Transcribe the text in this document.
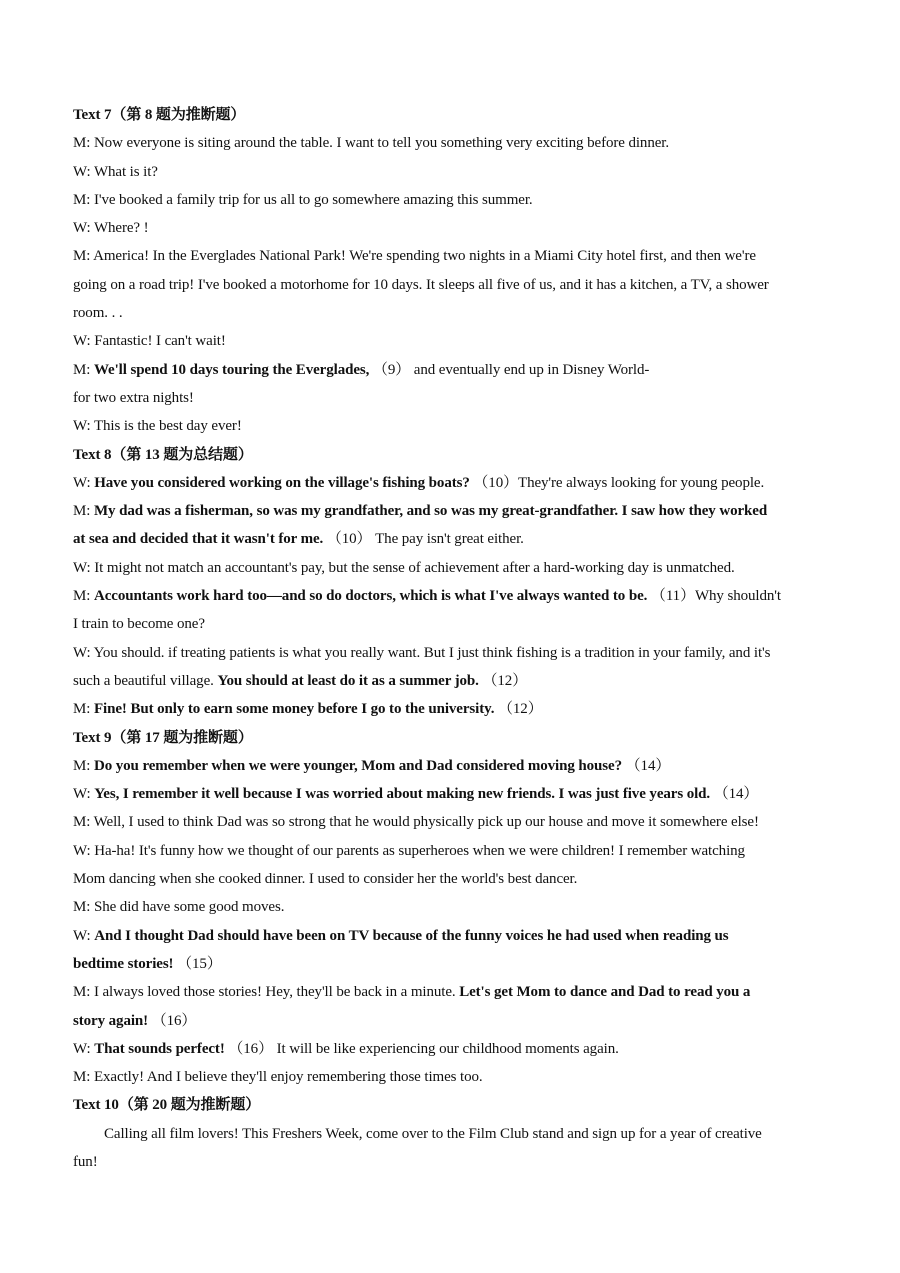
Text 7（第 8 题为推断题）
M: Now everyone is siting around the table. I want to tell you something very exciting before dinner.
W: What is it?
M: I've booked a family trip for us all to go somewhere amazing this summer.
W: Where? !
M: America! In the Everglades National Park! We're spending two nights in a Miami City hotel first, and then we're
going on a road trip! I've booked a motorhome for 10 days. It sleeps all five of us, and it has a kitchen, a TV, a shower
room. . .
W: Fantastic! I can't wait!
M: We'll spend 10 days touring the Everglades, （9） and eventually end up in Disney World-
for two extra nights!
W: This is the best day ever!
Text 8（第 13 题为总结题）
W: Have you considered working on the village's fishing boats? （10）They're always looking for young people.
M: My dad was a fisherman, so was my grandfather, and so was my great-grandfather. I saw how they worked
at sea and decided that it wasn't for me. （10） The pay isn't great either.
W: It might not match an accountant's pay, but the sense of achievement after a hard-working day is unmatched.
M: Accountants work hard too—and so do doctors, which is what I've always wanted to be. （11）Why shouldn't
I train to become one?
W: You should. if treating patients is what you really want. But I just think fishing is a tradition in your family, and it's
such a beautiful village. You should at least do it as a summer job. （12）
M: Fine! But only to earn some money before I go to the university. （12）
Text 9（第 17 题为推断题）
M: Do you remember when we were younger, Mom and Dad considered moving house? （14）
W: Yes, I remember it well because I was worried about making new friends. I was just five years old. （14）
M: Well, I used to think Dad was so strong that he would physically pick up our house and move it somewhere else!
W: Ha-ha! It's funny how we thought of our parents as superheroes when we were children! I remember watching
Mom dancing when she cooked dinner. I used to consider her the world's best dancer.
M: She did have some good moves.
W: And I thought Dad should have been on TV because of the funny voices he had used when reading us
bedtime stories! （15）
M: I always loved those stories! Hey, they'll be back in a minute. Let's get Mom to dance and Dad to read you a
story again! （16）
W: That sounds perfect! （16） It will be like experiencing our childhood moments again.
M: Exactly! And I believe they'll enjoy remembering those times too.
Text 10（第 20 题为推断题）
Calling all film lovers! This Freshers Week, come over to the Film Club stand and sign up for a year of creative
fun!
